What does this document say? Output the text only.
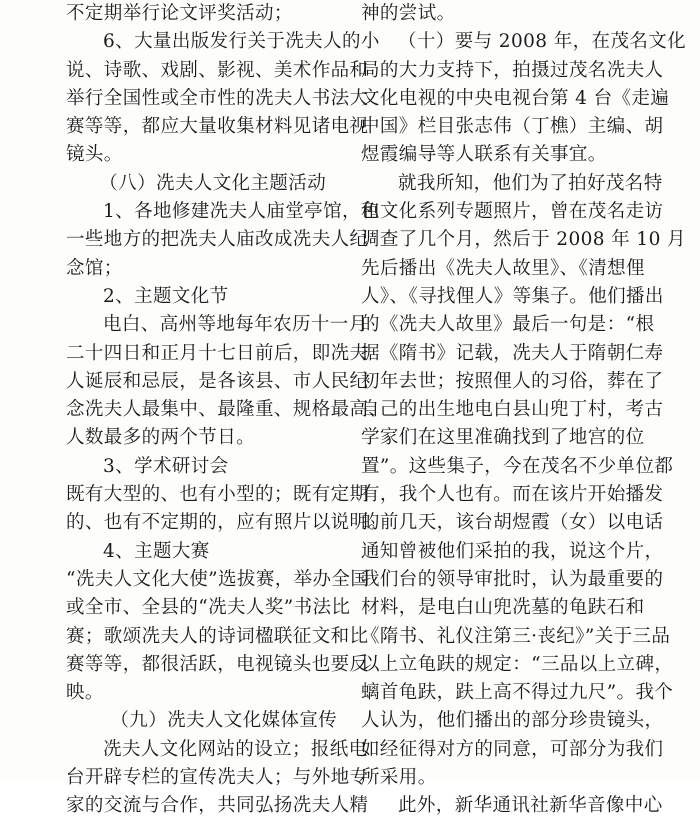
不定期举行论文评奖活动；
6、大量出版发行关于冼夫人的小
说、诗歌、戏剧、影视、美术作品和
举行全国性或全市性的冼夫人书法大
赛等等，都应大量收集材料见诸电视
镜头。
（八）冼夫人文化主题活动
1、各地修建冼夫人庙堂亭馆，和
一些地方的把冼夫人庙改成冼夫人纪
念馆；
2、主题文化节
电白、高州等地每年农历十一月
二十四日和正月十七日前后，即冼夫
人诞辰和忌辰，是各该县、市人民纪
念冼夫人最集中、最隆重、规格最高、
人数最多的两个节日。
3、学术研讨会
既有大型的、也有小型的；既有定期
的、也有不定期的，应有照片以说明。
4、主题大赛
“冼夫人文化大使”选拔赛，举办全国
或全市、全县的“冼夫人奖”书法比
赛；歌颂冼夫人的诗词楹联征文和比
赛等等，都很活跃，电视镜头也要反
映。
（九）冼夫人文化媒体宣传
冼夫人文化网站的设立；报纸电
台开辟专栏的宣传冼夫人；与外地专
家的交流与合作，共同弘扬冼夫人精
神的尝试。
（十）要与 2008 年，在茂名文化
局的大力支持下，拍摄过茂名冼夫人
文化电视的中央电视台第 4 台《走遍
中国》栏目张志伟（丁樵）主编、胡
煜霞编导等人联系有关事宜。
就我所知，他们为了拍好茂名特
色文化系列专题照片，曾在茂名走访
调查了几个月，然后于 2008 年 10 月
先后播出《冼夫人故里》、《清想俚
人》、《寻找俚人》等集子。他们播出
的《冼夫人故里》最后一句是：“根
据《隋书》记载，冼夫人于隋朝仁寿
初年去世；按照俚人的习俗，葬在了
自己的出生地电白县山兜丁村，考古
学家们在这里准确找到了地宫的位
置”。这些集子，今在茂名不少单位都
有，我个人也有。而在该片开始播发
的前几天，该台胡煜霞（女）以电话
通知曾被他们采拍的我，说这个片，
我们台的领导审批时，认为最重要的
材料，是电白山兜冼墓的龟趺石和
《隋书、礼仪注第三·丧纪》”关于三品
以上立龟趺的规定：“三品以上立碑，
螭首龟趺，趺上高不得过九尺”。我个
人认为，他们播出的部分珍贵镜头，
如经征得对方的同意，可部分为我们
所采用。
此外，新华通讯社新华音像中心
